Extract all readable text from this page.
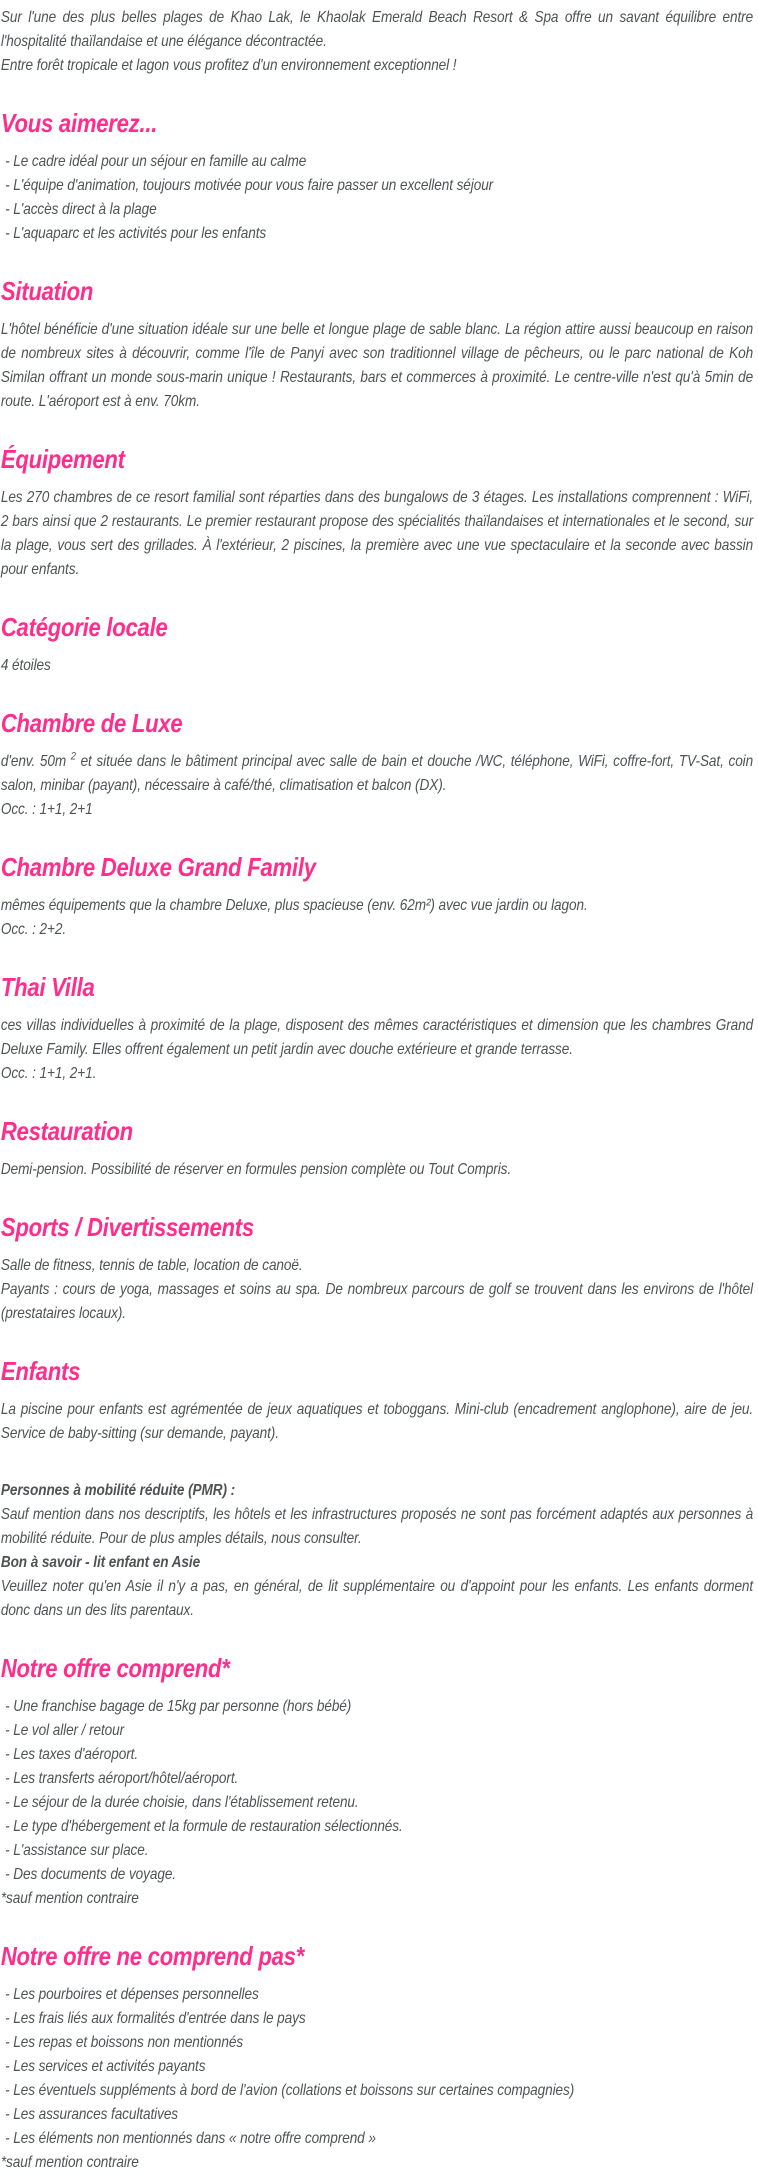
Sur l'une des plus belles plages de Khao Lak, le Khaolak Emerald Beach Resort & Spa offre un savant équilibre entre l'hospitalité thaïlandaise et une élégance décontractée.
Entre forêt tropicale et lagon vous profitez d'un environnement exceptionnel !

Vous aimerez...
- Le cadre idéal pour un séjour en famille au calme
- L'équipe d'animation, toujours motivée pour vous faire passer un excellent séjour
- L'accès direct à la plage
- L'aquaparc et les activités pour les enfants
Situation

L'hôtel bénéficie d'une situation idéale sur une belle et longue plage de sable blanc. La région attire aussi beaucoup en raison de nombreux sites à découvrir, comme l'île de Panyi avec son traditionnel village de pêcheurs, ou le parc national de Koh Similan offrant un monde sous-marin unique ! Restaurants, bars et commerces à proximité. Le centre-ville n'est qu'à 5min de route. L'aéroport est à env. 70km.

Équipement

Les 270 chambres de ce resort familial sont réparties dans des bungalows de 3 étages. Les installations comprennent : WiFi, 2 bars ainsi que 2 restaurants. Le premier restaurant propose des spécialités thaïlandaises et internationales et le second, sur la plage, vous sert des grillades. À l'extérieur, 2 piscines, la première avec une vue spectaculaire et la seconde avec bassin pour enfants.

Catégorie locale

4 étoiles

Chambre de Luxe

d'env. 50m $^2$ et située dans le bâtiment principal avec salle de bain et douche /WC, téléphone, WiFi, coffre-fort, TV-Sat, coin salon, minibar (payant), nécessaire à café/thé, climatisation et balcon (DX).
Occ. : 1+1, 2+1

Chambre Deluxe Grand Family

mêmes équipements que la chambre Deluxe, plus spacieuse (env. 62m²) avec vue jardin ou lagon.
Occ. : 2+2.

Thai Villa

ces villas individuelles à proximité de la plage, disposent des mêmes caractéristiques et dimension que les chambres Grand Deluxe Family. Elles offrent également un petit jardin avec douche extérieure et grande terrasse.
Occ. : 1+1, 2+1.

Restauration

Demi-pension. Possibilité de réserver en formules pension complète ou Tout Compris.

Sports / Divertissements

Salle de fitness, tennis de table, location de canoë.
Payants : cours de yoga, massages et soins au spa. De nombreux parcours de golf se trouvent dans les environs de l'hôtel (prestataires locaux).

Enfants

La piscine pour enfants est agrémentée de jeux aquatiques et toboggans. Mini-club (encadrement anglophone), aire de jeu. Service de baby-sitting (sur demande, payant).

Personnes à mobilité réduite (PMR) :
Sauf mention dans nos descriptifs, les hôtels et les infrastructures proposés ne sont pas forcément adaptés aux personnes à mobilité réduite. Pour de plus amples détails, nous consulter.
Bon à savoir - lit enfant en Asie
Veuillez noter qu'en Asie il n'y a pas, en général, de lit supplémentaire ou d'appoint pour les enfants. Les enfants dorment donc dans un des lits parentaux.

Notre offre comprend*
- Une franchise bagage de 15kg par personne (hors bébé)
- Le vol aller / retour
- Les taxes d'aéroport.
- Les transferts aéroport/hôtel/aéroport.
- Le séjour de la durée choisie, dans l'établissement retenu.
- Le type d'hébergement et la formule de restauration sélectionnés.
- L'assistance sur place.
- Des documents de voyage.

*sauf mention contraire

Notre offre ne comprend pas*
- Les pourboires et dépenses personnelles
- Les frais liés aux formalités d'entrée dans le pays
- Les repas et boissons non mentionnés
- Les services et activités payants
- Les éventuels suppléments à bord de l'avion (collations et boissons sur certaines compagnies)
- Les assurances facultatives
- Les éléments non mentionnés dans « notre offre comprend »

*sauf mention contraire
